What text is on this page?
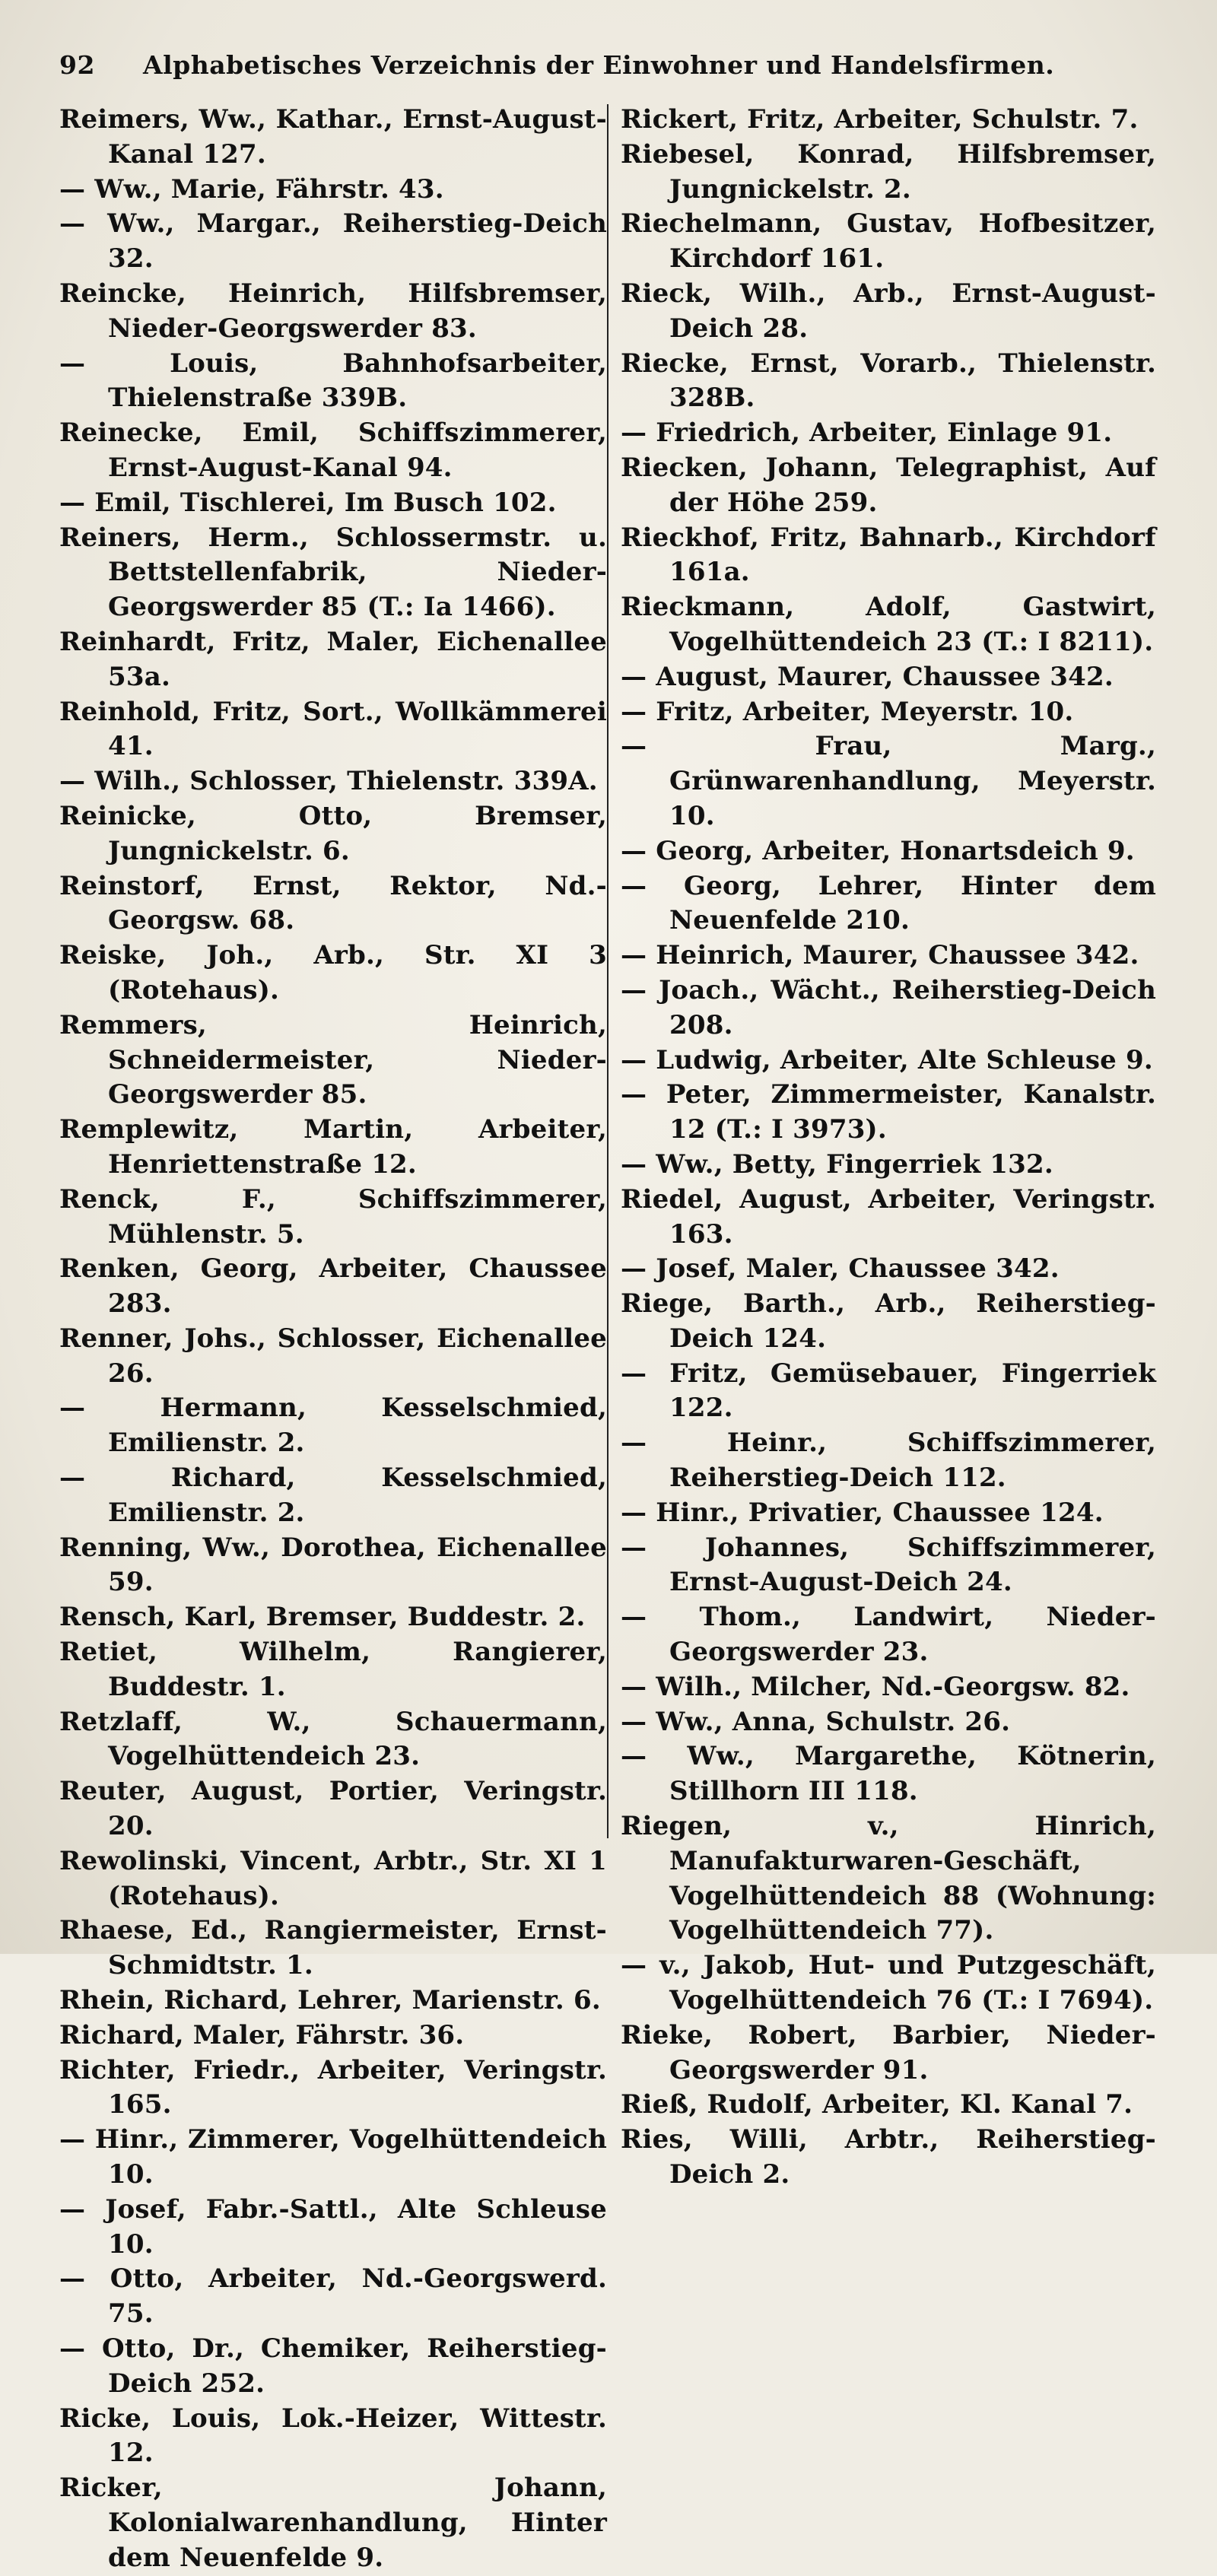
92	Alphabetisches Verzeichnis der Einwohner und Handelsfirmen.
Reimers, Ww., Kathar., Ernst-August-Kanal 127.
— Ww., Marie, Fährstr. 43.
— Ww., Margar., Reiherstieg-Deich 32.
Reincke, Heinrich, Hilfsbremser, Nieder-Georgswerder 83.
— Louis, Bahnhofsarbeiter, Thielenstraße 339B.
Reinecke, Emil, Schiffszimmerer, Ernst-August-Kanal 94.
— Emil, Tischlerei, Im Busch 102.
Reiners, Herm., Schlossermstr. u. Bettstellenfabrik, Nieder-Georgswerder 85 (T.: Ia 1466).
Reinhardt, Fritz, Maler, Eichenallee 53a.
Reinhold, Fritz, Sort., Wollkämmerei 41.
— Wilh., Schlosser, Thielenstr. 339A.
Reinicke, Otto, Bremser, Jungnickelstr. 6.
Reinstorf, Ernst, Rektor, Nd.-Georgsw. 68.
Reiske, Joh., Arb., Str. XI 3 (Rotehaus).
Remmers, Heinrich, Schneidermeister, Nieder-Georgswerder 85.
Remplewitz, Martin, Arbeiter, Henriettenstraße 12.
Renck, F., Schiffszimmerer, Mühlenstr. 5.
Renken, Georg, Arbeiter, Chaussee 283.
Renner, Johs., Schlosser, Eichenallee 26.
— Hermann, Kesselschmied, Emilienstr. 2.
— Richard, Kesselschmied, Emilienstr. 2.
Renning, Ww., Dorothea, Eichenallee 59.
Rensch, Karl, Bremser, Buddestr. 2.
Retiet, Wilhelm, Rangierer, Buddestr. 1.
Retzlaff, W., Schauermann, Vogelhüttendeich 23.
Reuter, August, Portier, Veringstr. 20.
Rewolinski, Vincent, Arbtr., Str. XI 1 (Rotehaus).
Rhaese, Ed., Rangiermeister, Ernst-Schmidtstr. 1.
Rhein, Richard, Lehrer, Marienstr. 6.
Richard, Maler, Fährstr. 36.
Richter, Friedr., Arbeiter, Veringstr. 165.
— Hinr., Zimmerer, Vogelhüttendeich 10.
— Josef, Fabr.-Sattl., Alte Schleuse 10.
— Otto, Arbeiter, Nd.-Georgswerd. 75.
— Otto, Dr., Chemiker, Reiherstieg-Deich 252.
Ricke, Louis, Lok.-Heizer, Wittestr. 12.
Ricker, Johann, Kolonialwarenhandlung, Hinter dem Neuenfelde 9.
Rickert, Fritz, Arbeiter, Schulstr. 7.
Riebesel, Konrad, Hilfsbremser, Jungnickelstr. 2.
Riechelmann, Gustav, Hofbesitzer, Kirchdorf 161.
Rieck, Wilh., Arb., Ernst-August-Deich 28.
Riecke, Ernst, Vorarb., Thielenstr. 328B.
— Friedrich, Arbeiter, Einlage 91.
Riecken, Johann, Telegraphist, Auf der Höhe 259.
Rieckhof, Fritz, Bahnarb., Kirchdorf 161a.
Rieckmann, Adolf, Gastwirt, Vogelhüttendeich 23 (T.: I 8211).
— August, Maurer, Chaussee 342.
— Fritz, Arbeiter, Meyerstr. 10.
— Frau, Marg., Grünwarenhandlung, Meyerstr. 10.
— Georg, Arbeiter, Honartsdeich 9.
— Georg, Lehrer, Hinter dem Neuenfelde 210.
— Heinrich, Maurer, Chaussee 342.
— Joach., Wächt., Reiherstieg-Deich 208.
— Ludwig, Arbeiter, Alte Schleuse 9.
— Peter, Zimmermeister, Kanalstr. 12 (T.: I 3973).
— Ww., Betty, Fingerriek 132.
Riedel, August, Arbeiter, Veringstr. 163.
— Josef, Maler, Chaussee 342.
Riege, Barth., Arb., Reiherstieg-Deich 124.
— Fritz, Gemüsebauer, Fingerriek 122.
— Heinr., Schiffszimmerer, Reiherstieg-Deich 112.
— Hinr., Privatier, Chaussee 124.
— Johannes, Schiffszimmerer, Ernst-August-Deich 24.
— Thom., Landwirt, Nieder-Georgswerder 23.
— Wilh., Milcher, Nd.-Georgsw. 82.
— Ww., Anna, Schulstr. 26.
— Ww., Margarethe, Kötnerin, Stillhorn III 118.
Riegen, v., Hinrich, Manufakturwaren-Geschäft, Vogelhüttendeich 88 (Wohnung: Vogelhüttendeich 77).
— v., Jakob, Hut- und Putzgeschäft, Vogelhüttendeich 76 (T.: I 7694).
Rieke, Robert, Barbier, Nieder-Georgswerder 91.
Rieß, Rudolf, Arbeiter, Kl. Kanal 7.
Ries, Willi, Arbtr., Reiherstieg-Deich 2.
